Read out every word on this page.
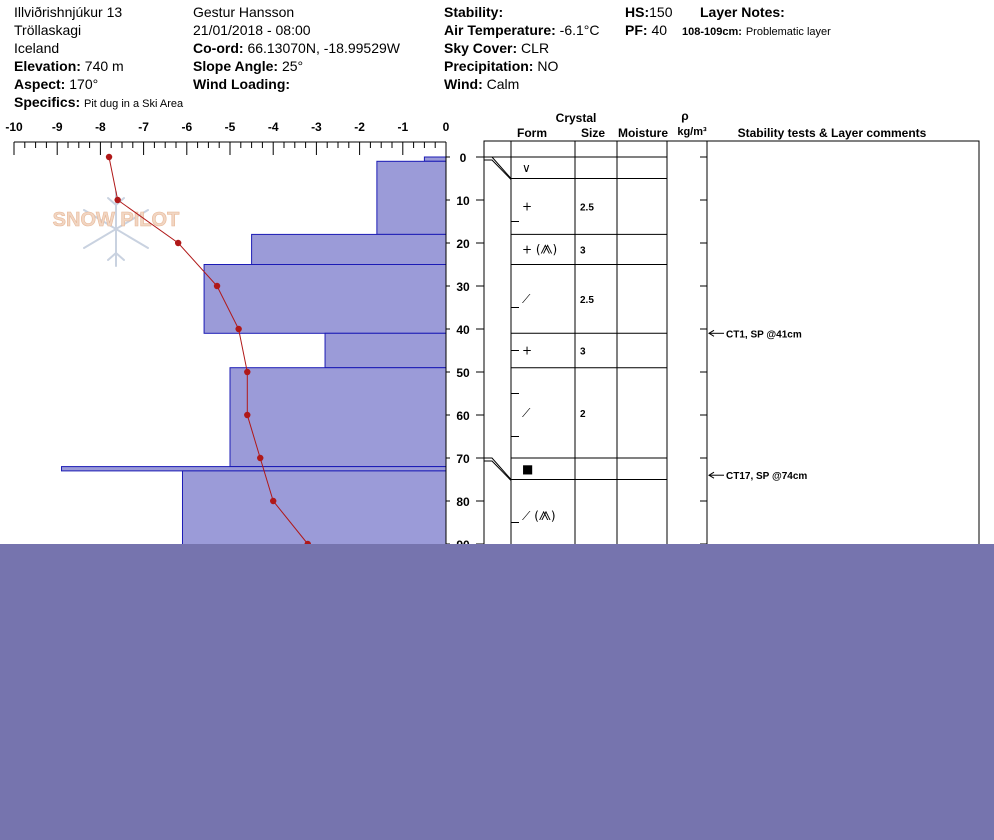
Illviðrishnjúkur 13
Tröllaskagi
Iceland
Elevation: 740 m
Aspect: 170°
Specifics: Pit dug in a Ski Area
Gestur Hansson
21/01/2018 - 08:00
Co-ord: 66.13070N, -18.99529W
Slope Angle: 25°
Wind Loading:
Stability:
Air Temperature: -6.1°C
Sky Cover: CLR
Precipitation: NO
Wind: Calm
HS:150
PF: 40
Layer Notes:
108-109cm: Problematic layer
SNOW PILOT
-10 -9	-8	-7	-6	-5	-4	-3	-2	-1	0
0
10
20
30
40
50
60
70
80
Crystal
Form	Size Moisture
ρ
kg/m³	Stability tests & Layer comments
∨
+	2.5
+ (⨇) 3
⟋	2.5
+	3
⟋	2
■
⟋ (⨇)
CT1, SP @41cm
CT17, SP @74cm
